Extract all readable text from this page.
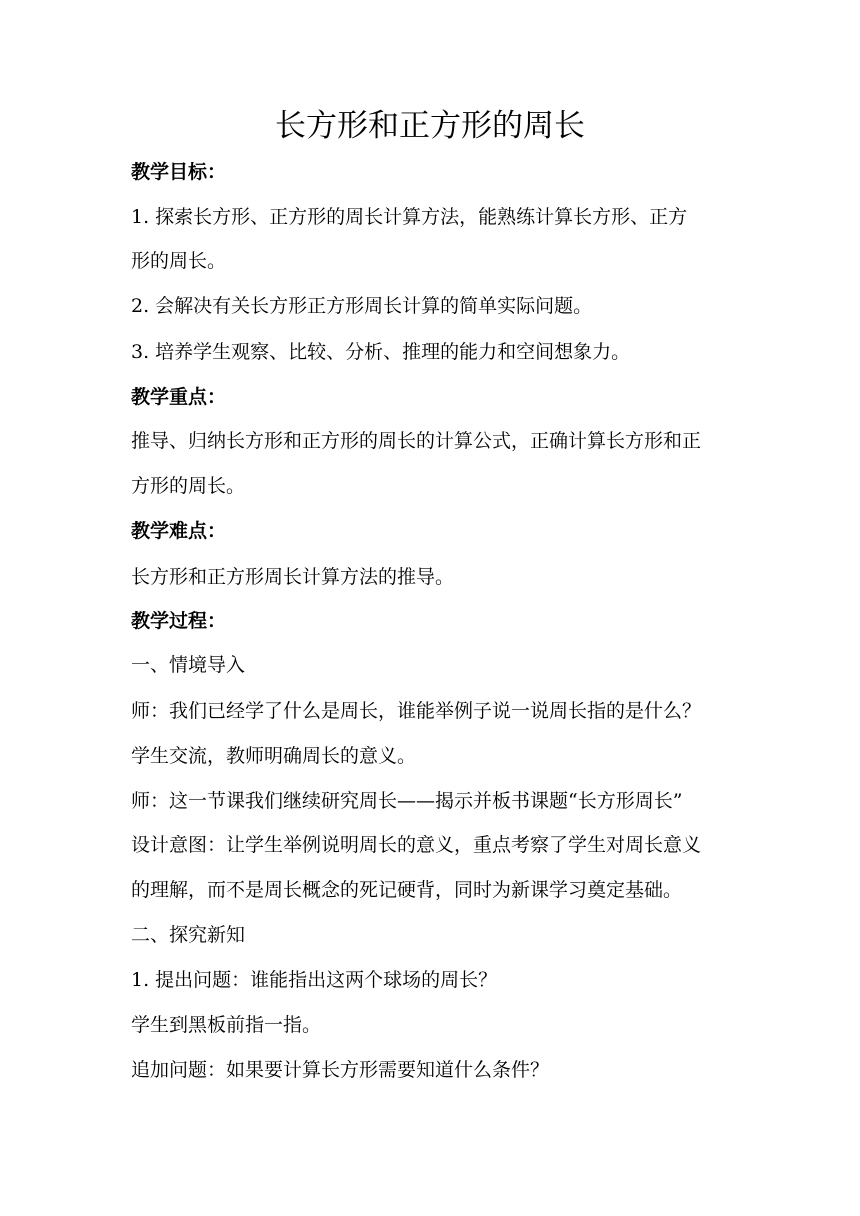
长方形和正方形的周长
教学目标：
1. 探索长方形、正方形的周长计算方法，能熟练计算长方形、正方
形的周长。
2. 会解决有关长方形正方形周长计算的简单实际问题。
3. 培养学生观察、比较、分析、推理的能力和空间想象力。
教学重点：
推导、归纳长方形和正方形的周长的计算公式，正确计算长方形和正
方形的周长。
教学难点：
长方形和正方形周长计算方法的推导。
教学过程：
一、情境导入
师：我们已经学了什么是周长，谁能举例子说一说周长指的是什么？
学生交流，教师明确周长的意义。
师：这一节课我们继续研究周长——揭示并板书课题“长方形周长”
设计意图：让学生举例说明周长的意义，重点考察了学生对周长意义
的理解，而不是周长概念的死记硬背，同时为新课学习奠定基础。
二、探究新知
1. 提出问题：谁能指出这两个球场的周长？
学生到黑板前指一指。
追加问题：如果要计算长方形需要知道什么条件？
